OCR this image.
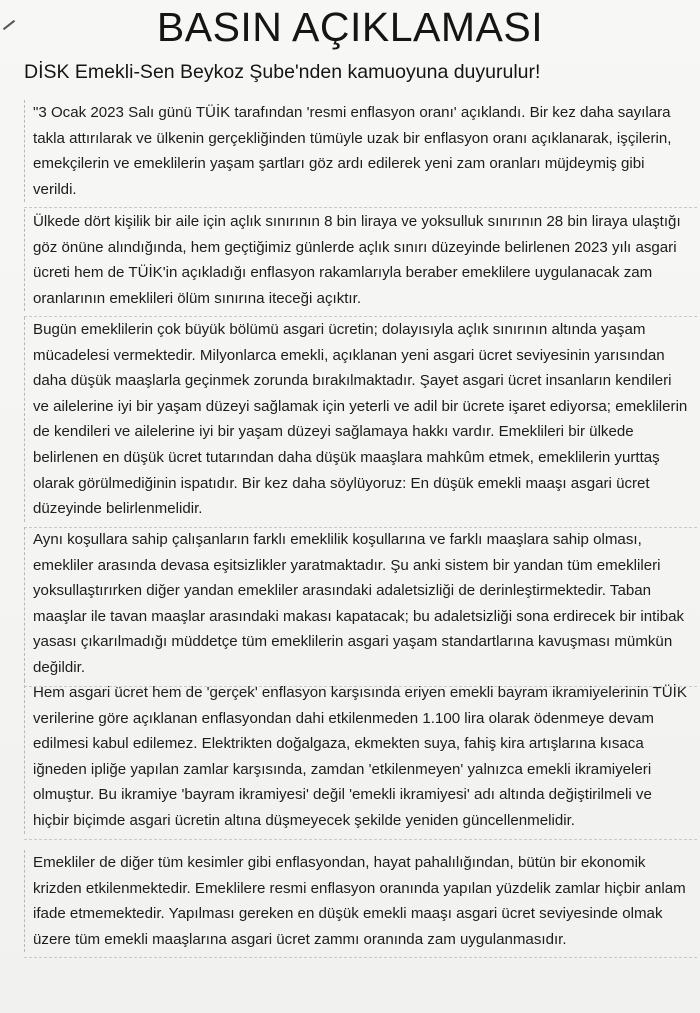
BASIN AÇIKLAMASI
DİSK Emekli-Sen Beykoz Şube'nden kamuoyuna duyurulur!
"3 Ocak 2023 Salı günü TÜİK tarafından 'resmi enflasyon oranı' açıklandı. Bir kez daha sayılara takla attırılarak ve ülkenin gerçekliğinden tümüyle uzak bir enflasyon oranı açıklanarak, işçilerin, emekçilerin ve emeklilerin yaşam şartları göz ardı edilerek yeni zam oranları müjdeymiş gibi verildi.
Ülkede dört kişilik bir aile için açlık sınırının 8 bin liraya ve yoksulluk sınırının 28 bin liraya ulaştığı göz önüne alındığında, hem geçtiğimiz günlerde açlık sınırı düzeyinde belirlenen 2023 yılı asgari ücreti hem de TÜİK'in açıkladığı enflasyon rakamlarıyla beraber emeklilere uygulanacak zam oranlarının emeklileri ölüm sınırına iteceği açıktır.
Bugün emeklilerin çok büyük bölümü asgari ücretin; dolayısıyla açlık sınırının altında yaşam mücadelesi vermektedir. Milyonlarca emekli, açıklanan yeni asgari ücret seviyesinin yarısından daha düşük maaşlarla geçinmek zorunda bırakılmaktadır. Şayet asgari ücret insanların kendileri ve ailelerine iyi bir yaşam düzeyi sağlamak için yeterli ve adil bir ücrete işaret ediyorsa; emeklilerin de kendileri ve ailelerine iyi bir yaşam düzeyi sağlamaya hakkı vardır. Emeklileri bir ülkede belirlenen en düşük ücret tutarından daha düşük maaşlara mahkûm etmek, emeklilerin yurttaş olarak görülmediğinin ispatıdır. Bir kez daha söylüyoruz: En düşük emekli maaşı asgari ücret düzeyinde belirlenmelidir.
Aynı koşullara sahip çalışanların farklı emeklilik koşullarına ve farklı maaşlara sahip olması, emekliler arasında devasa eşitsizlikler yaratmaktadır. Şu anki sistem bir yandan tüm emeklileri yoksullaştırırken diğer yandan emekliler arasındaki adaletsizliği de derinleştirmektedir. Taban maaşlar ile tavan maaşlar arasındaki makası kapatacak; bu adaletsizliği sona erdirecek bir intibak yasası çıkarılmadığı müddetçe tüm emeklilerin asgari yaşam standartlarına kavuşması mümkün değildir.
Hem asgari ücret hem de 'gerçek' enflasyon karşısında eriyen emekli bayram ikramiyelerinin TÜİK verilerine göre açıklanan enflasyondan dahi etkilenmeden 1.100 lira olarak ödenmeye devam edilmesi kabul edilemez. Elektrikten doğalgaza, ekmekten suya, fahiş kira artışlarına kısaca iğneden ipliğe yapılan zamlar karşısında, zamdan 'etkilenmeyen' yalnızca emekli ikramiyeleri olmuştur. Bu ikramiye 'bayram ikramiyesi' değil 'emekli ikramiyesi' adı altında değiştirilmeli ve hiçbir biçimde asgari ücretin altına düşmeyecek şekilde yeniden güncellenmelidir.
Emekliler de diğer tüm kesimler gibi enflasyondan, hayat pahalılığından, bütün bir ekonomik krizden etkilenmektedir. Emeklilere resmi enflasyon oranında yapılan yüzdelik zamlar hiçbir anlam ifade etmemektedir. Yapılması gereken en düşük emekli maaşı asgari ücret seviyesinde olmak üzere tüm emekli maaşlarına asgari ücret zammı oranında zam uygulanmasıdır.
